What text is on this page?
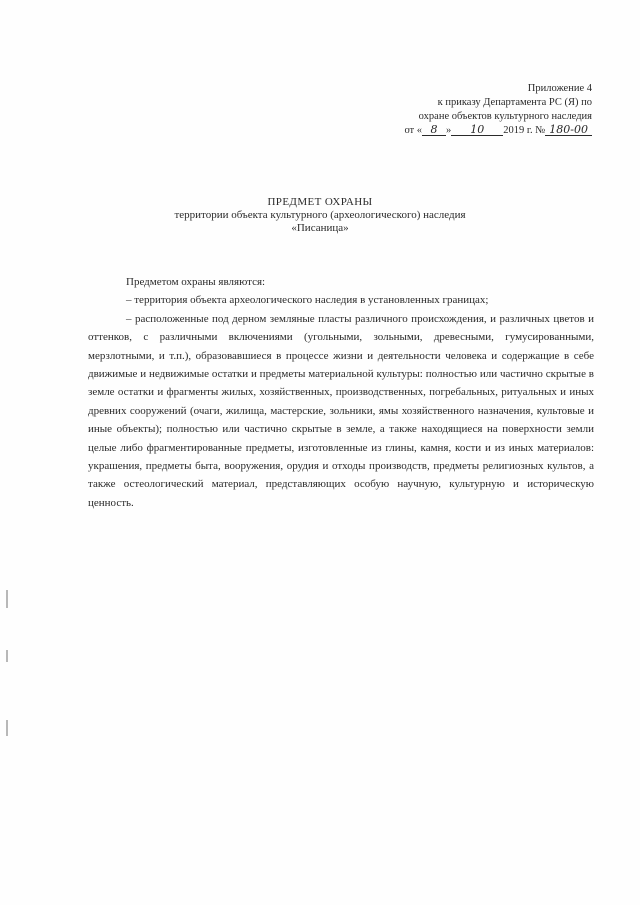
Приложение 4
к приказу Департамента РС (Я) по
охране объектов культурного наследия
от « 8 » 10 2019 г. № 180-00
ПРЕДМЕТ ОХРАНЫ
территории объекта культурного (археологического) наследия
«Писаница»

Предметом охраны являются:

– территория объекта археологического наследия в установленных границах;

– расположенные под дерном земляные пласты различного происхождения, и различных цветов и оттенков, с различными включениями (угольными, зольными, древесными, гумусированными, мерзлотными, и т.п.), образовавшиеся в процессе жизни и деятельности человека и содержащие в себе движимые и недвижимые остатки и предметы материальной культуры: полностью или частично скрытые в земле остатки и фрагменты жилых, хозяйственных, производственных, погребальных, ритуальных и иных древних сооружений (очаги, жилища, мастерские, зольники, ямы хозяйственного назначения, культовые и иные объекты); полностью или частично скрытые в земле, а также находящиеся на поверхности земли целые либо фрагментированные предметы, изготовленные из глины, камня, кости и из иных материалов: украшения, предметы быта, вооружения, орудия и отходы производств, предметы религиозных культов, а также остеологический материал, представляющих особую научную, культурную и историческую ценность.
